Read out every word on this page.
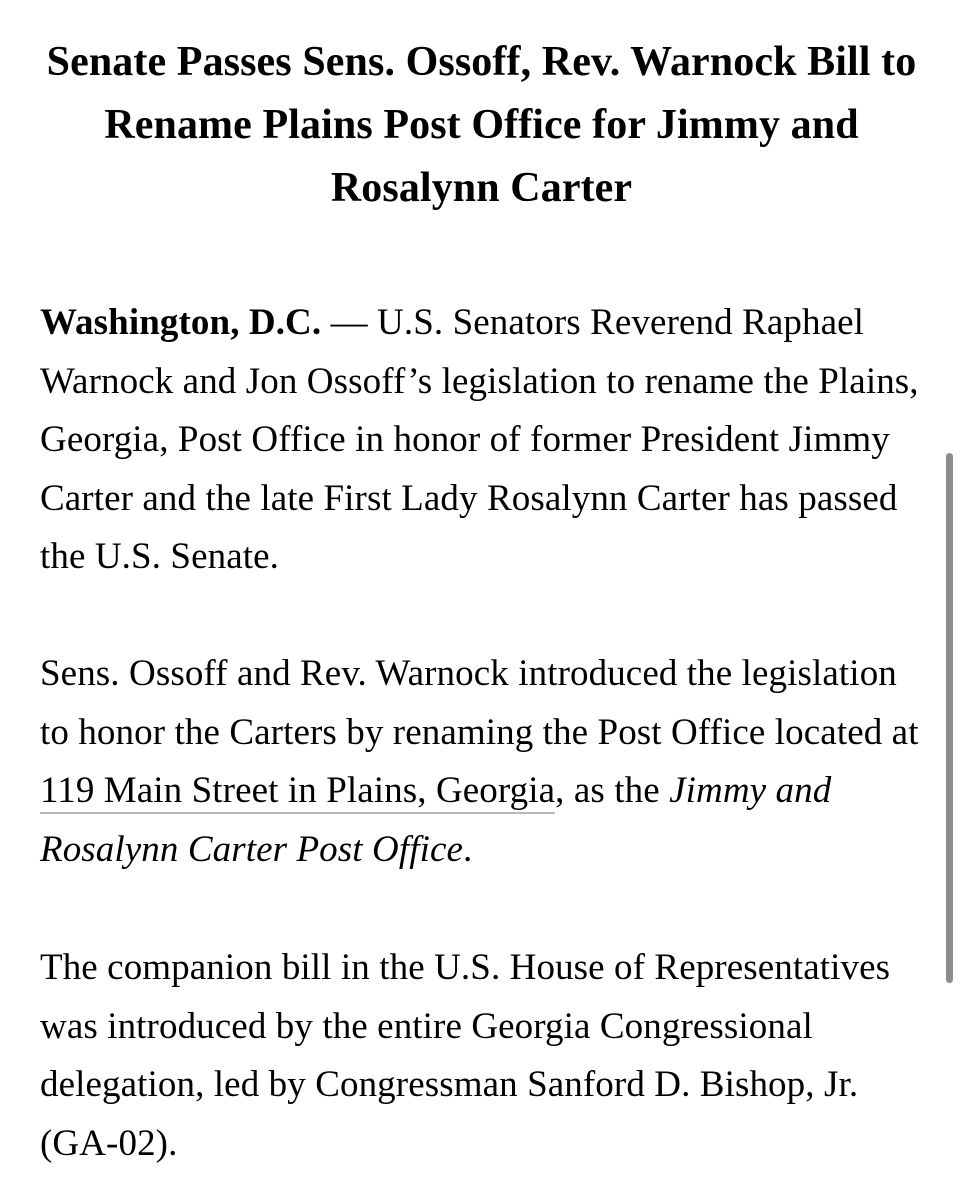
Senate Passes Sens. Ossoff, Rev. Warnock Bill to Rename Plains Post Office for Jimmy and Rosalynn Carter

Washington, D.C. — U.S. Senators Reverend Raphael Warnock and Jon Ossoff’s legislation to rename the Plains, Georgia, Post Office in honor of former President Jimmy Carter and the late First Lady Rosalynn Carter has passed the U.S. Senate.

Sens. Ossoff and Rev. Warnock introduced the legislation to honor the Carters by renaming the Post Office located at 119 Main Street in Plains, Georgia, as the Jimmy and Rosalynn Carter Post Office.

The companion bill in the U.S. House of Representatives was introduced by the entire Georgia Congressional delegation, led by Congressman Sanford D. Bishop, Jr. (GA-02).
